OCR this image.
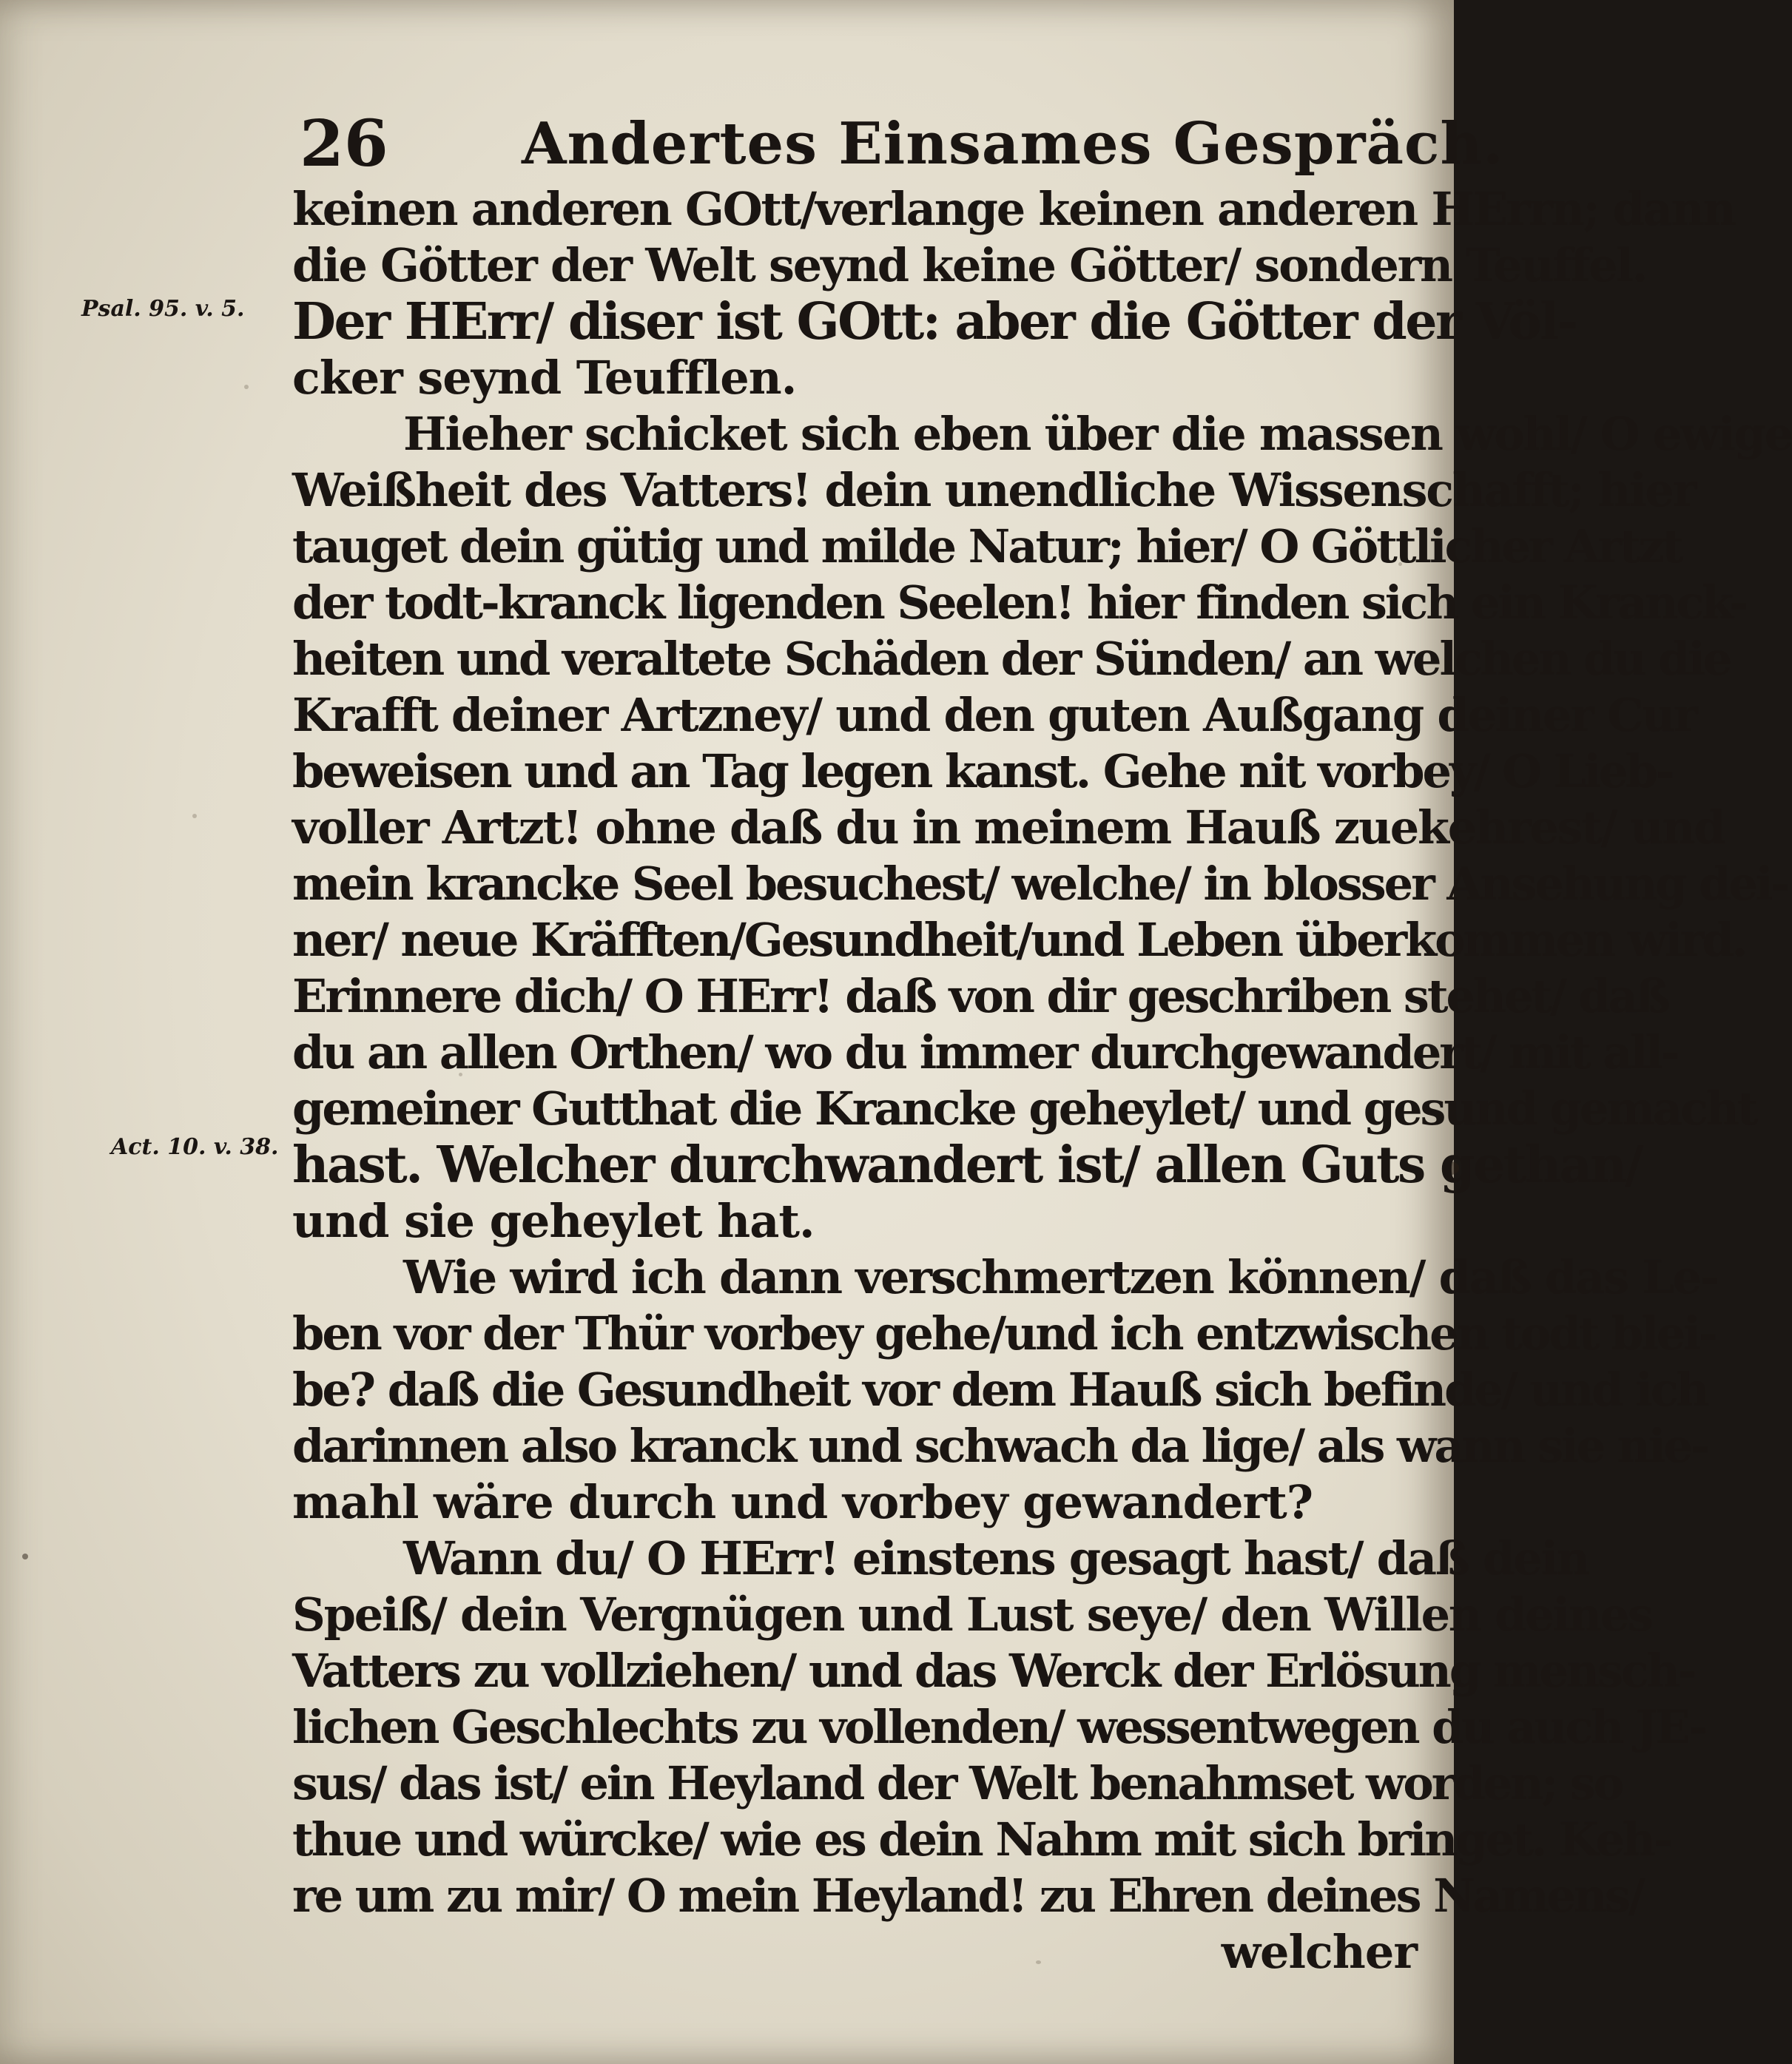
26 Andertes Einsames Gespräch.
Psal. 95. v. 5.
Act. 10. v. 38.
keinen anderen GOtt/verlange keinen anderen HErrn; dann
die Götter der Welt seynd keine Götter/ sondern Teuffel.
Der HErr/ diser ist GOtt: aber die Götter der Völ-
cker seynd Teufflen.
Hieher schicket sich eben über die massen wohl/ O ewige
Weißheit des Vatters! dein unendliche Wissenschafft; hier
tauget dein gütig und milde Natur; hier/ O Göttlicher Artzt
der todt-kranck ligenden Seelen! hier finden sich ein Kranck-
heiten und veraltete Schäden der Sünden/ an welchen du die
Krafft deiner Artzney/ und den guten Außgang deiner Cur
beweisen und an Tag legen kanst. Gehe nit vorbey/ O Lieb-
voller Artzt! ohne daß du in meinem Hauß zuekehrest/ und
mein krancke Seel besuchest/ welche/ in blosser Ansehung dei-
ner/ neue Kräfften/Gesundheit/und Leben überkommen wird.
Erinnere dich/ O HErr! daß von dir geschriben stehet/ daß
du an allen Orthen/ wo du immer durchgewandert/ mit all-
gemeiner Gutthat die Krancke geheylet/ und gesund gemacht
hast. Welcher durchwandert ist/ allen Guts gethan/
und sie geheylet hat.
Wie wird ich dann verschmertzen können/ daß das Le-
ben vor der Thür vorbey gehe/und ich entzwischen todt blei-
be? daß die Gesundheit vor dem Hauß sich befinde/ und ich
darinnen also kranck und schwach da lige/ als wann sie nie-
mahl wäre durch und vorbey gewandert?
Wann du/ O HErr! einstens gesagt hast/ daß dein
Speiß/ dein Vergnügen und Lust seye/ den Willen deines
Vatters zu vollziehen/ und das Werck der Erlösung mensch-
lichen Geschlechts zu vollenden/ wessentwegen du auch JE-
sus/ das ist/ ein Heyland der Welt benahmset worden; so
thue und würcke/ wie es dein Nahm mit sich bringet. Keh-
re um zu mir/ O mein Heyland! zu Ehren deines Namens/
welcher
